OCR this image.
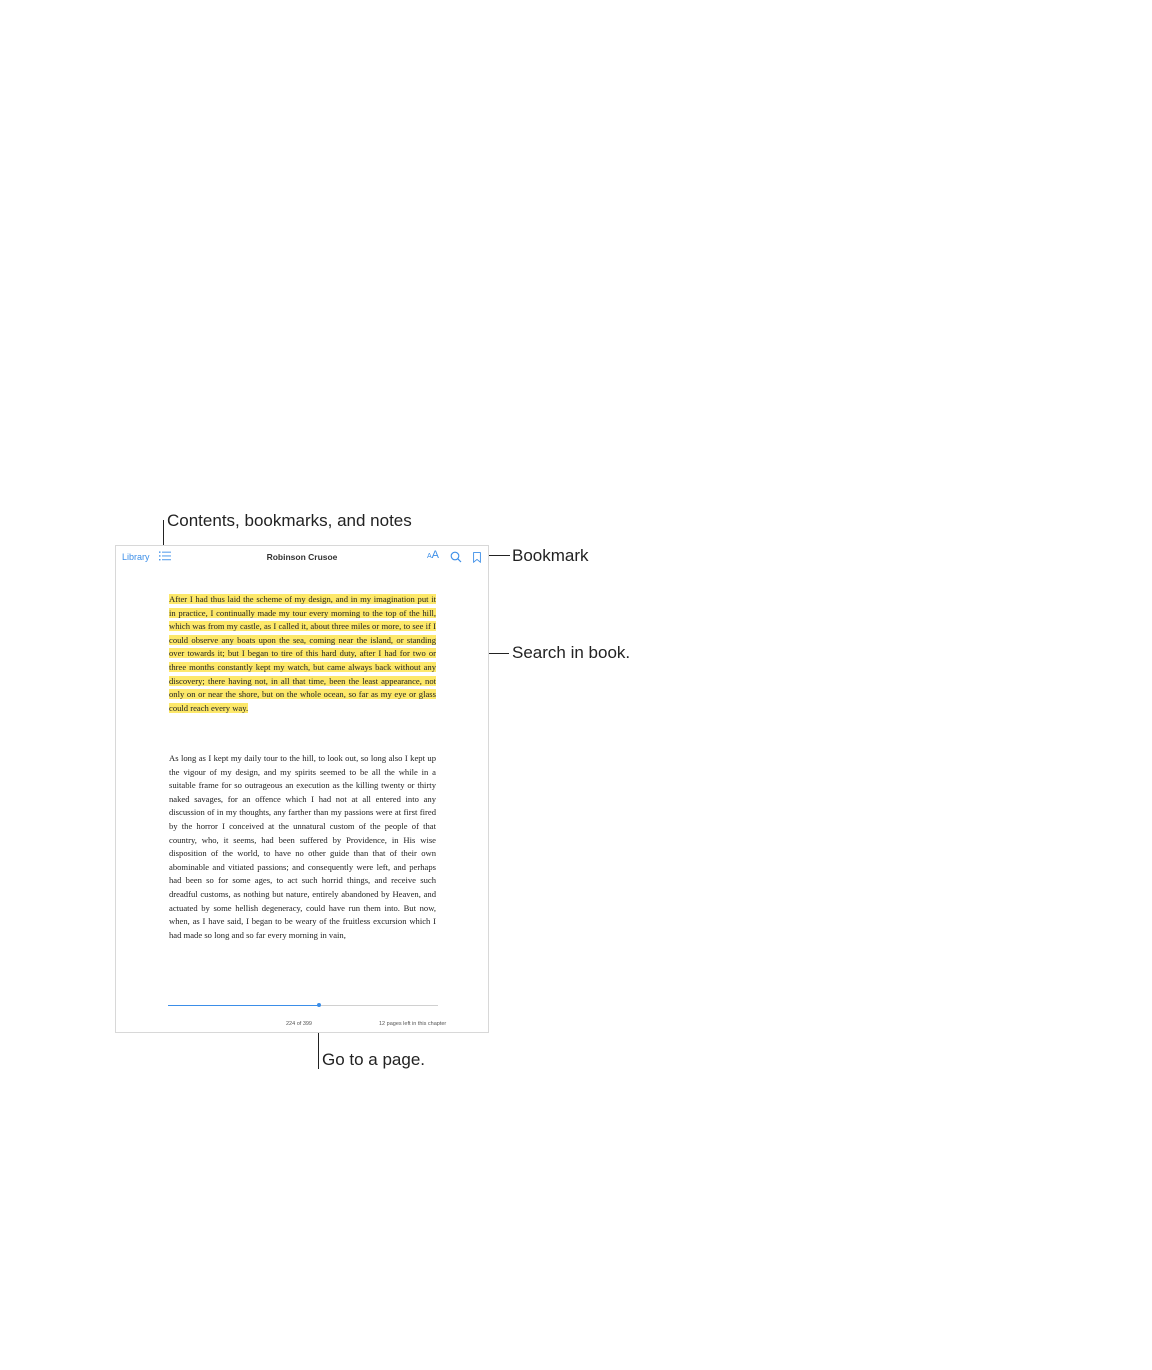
Contents, bookmarks, and notes
Bookmark
Search in book.
Go to a page.
Library	Robinson Crusoe	AA
After I had thus laid the scheme of my design, and in my imagination put it in practice, I continually made my tour every morning to the top of the hill, which was from my castle, as I called it, about three miles or more, to see if I could observe any boats upon the sea, coming near the island, or standing over towards it; but I began to tire of this hard duty, after I had for two or three months constantly kept my watch, but came always back without any discovery; there having not, in all that time, been the least appearance, not only on or near the shore, but on the whole ocean, so far as my eye or glass could reach every way.
As long as I kept my daily tour to the hill, to look out, so long also I kept up the vigour of my design, and my spirits seemed to be all the while in a suitable frame for so outrageous an execution as the killing twenty or thirty naked savages, for an offence which I had not at all entered into any discussion of in my thoughts, any farther than my passions were at first fired by the horror I conceived at the unnatural custom of the people of that country, who, it seems, had been suffered by Providence, in His wise disposition of the world, to have no other guide than that of their own abominable and vitiated passions; and consequently were left, and perhaps had been so for some ages, to act such horrid things, and receive such dreadful customs, as nothing but nature, entirely abandoned by Heaven, and actuated by some hellish degeneracy, could have run them into. But now, when, as I have said, I began to be weary of the fruitless excursion which I had made so long and so far every morning in vain,
224 of 399	12 pages left in this chapter
